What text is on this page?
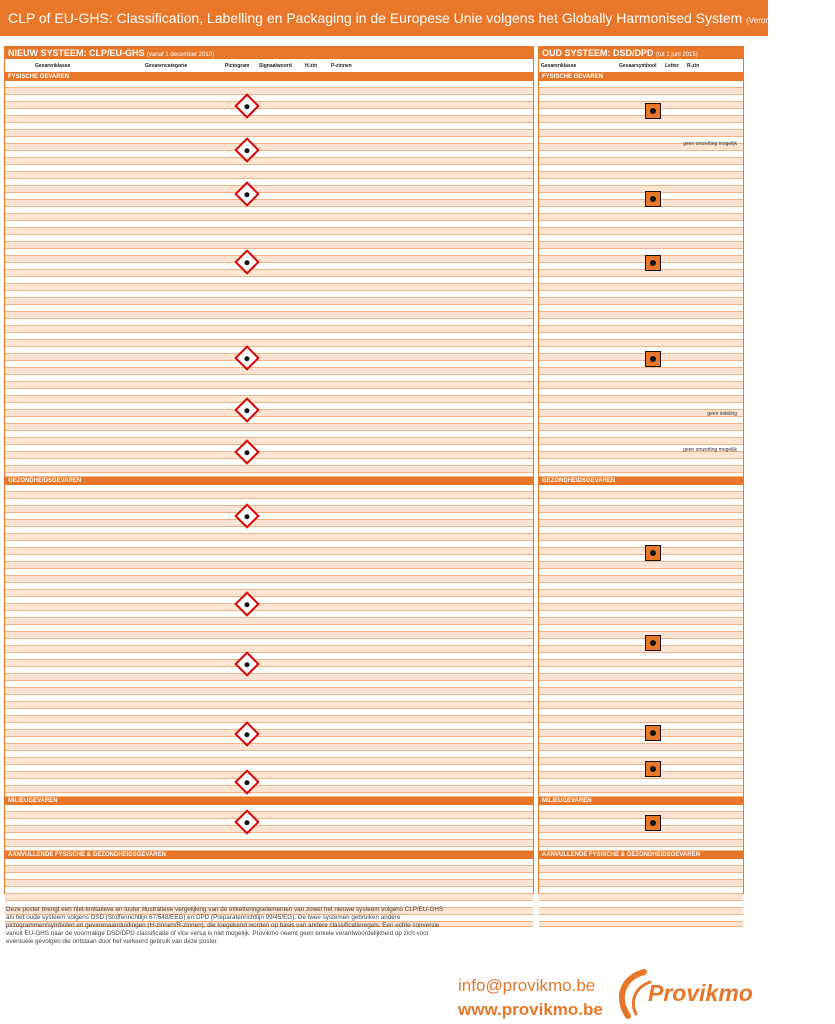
CLP of EU-GHS: Classification, Labelling en Packaging in de Europese Unie volgens het Globally Harmonised System (Verordening 1272/2008)
NIEUW SYSTEEM: CLP/EU-GHS (vanaf 1 december 2010)
Gevarenklasse	Gevarencategorie	Pictogram	Signaalwoord	H-zin	P-zinnen
FYSISCHE GEVAREN
GEZONDHEIDSGEVAREN
MILIEUGEVAREN
AANVULLENDE FYSISCHE & GEZONDHEIDSGEVAREN
OUD SYSTEEM: DSD/DPD (tot 1 juni 2015)
Gevarenklasse	Gevaarsymbool	Letter	R-zin
FYSISCHE GEVAREN
geen omzetting mogelijk
geen indeling
geen omzetting mogelijk
GEZONDHEIDSGEVAREN
MILIEUGEVAREN
AANVULLENDE FYSISCHE & GEZONDHEIDSGEVAREN
Deze poster brengt een niet-limitatieve en louter illustratieve vergelijking van de etiketteringselementen van zowel het nieuwe systeem volgens CLP/EU-GHS als het oude systeem volgens DSD (Stoffenrichtlijn 67/548/EEG) en DPD (Preparatenrichtlijn 99/45/EG). De twee systemen gebruiken andere pictogrammen/symbolen en gevarenaanduidingen (H-zinnen/R-zinnen), die toegekend worden op basis van andere classificatieregels. Een echte conversie vanuit EU-GHS naar de voormalige DSD/DPD classificatie of vice versa is niet mogelijk. Provikmo neemt geen enkele verantwoordelijkheid op zich voor eventuele gevolgen die ontstaan door het verkeerd gebruik van deze poster.
info@provikmo.be
www.provikmo.be
Provikmo
